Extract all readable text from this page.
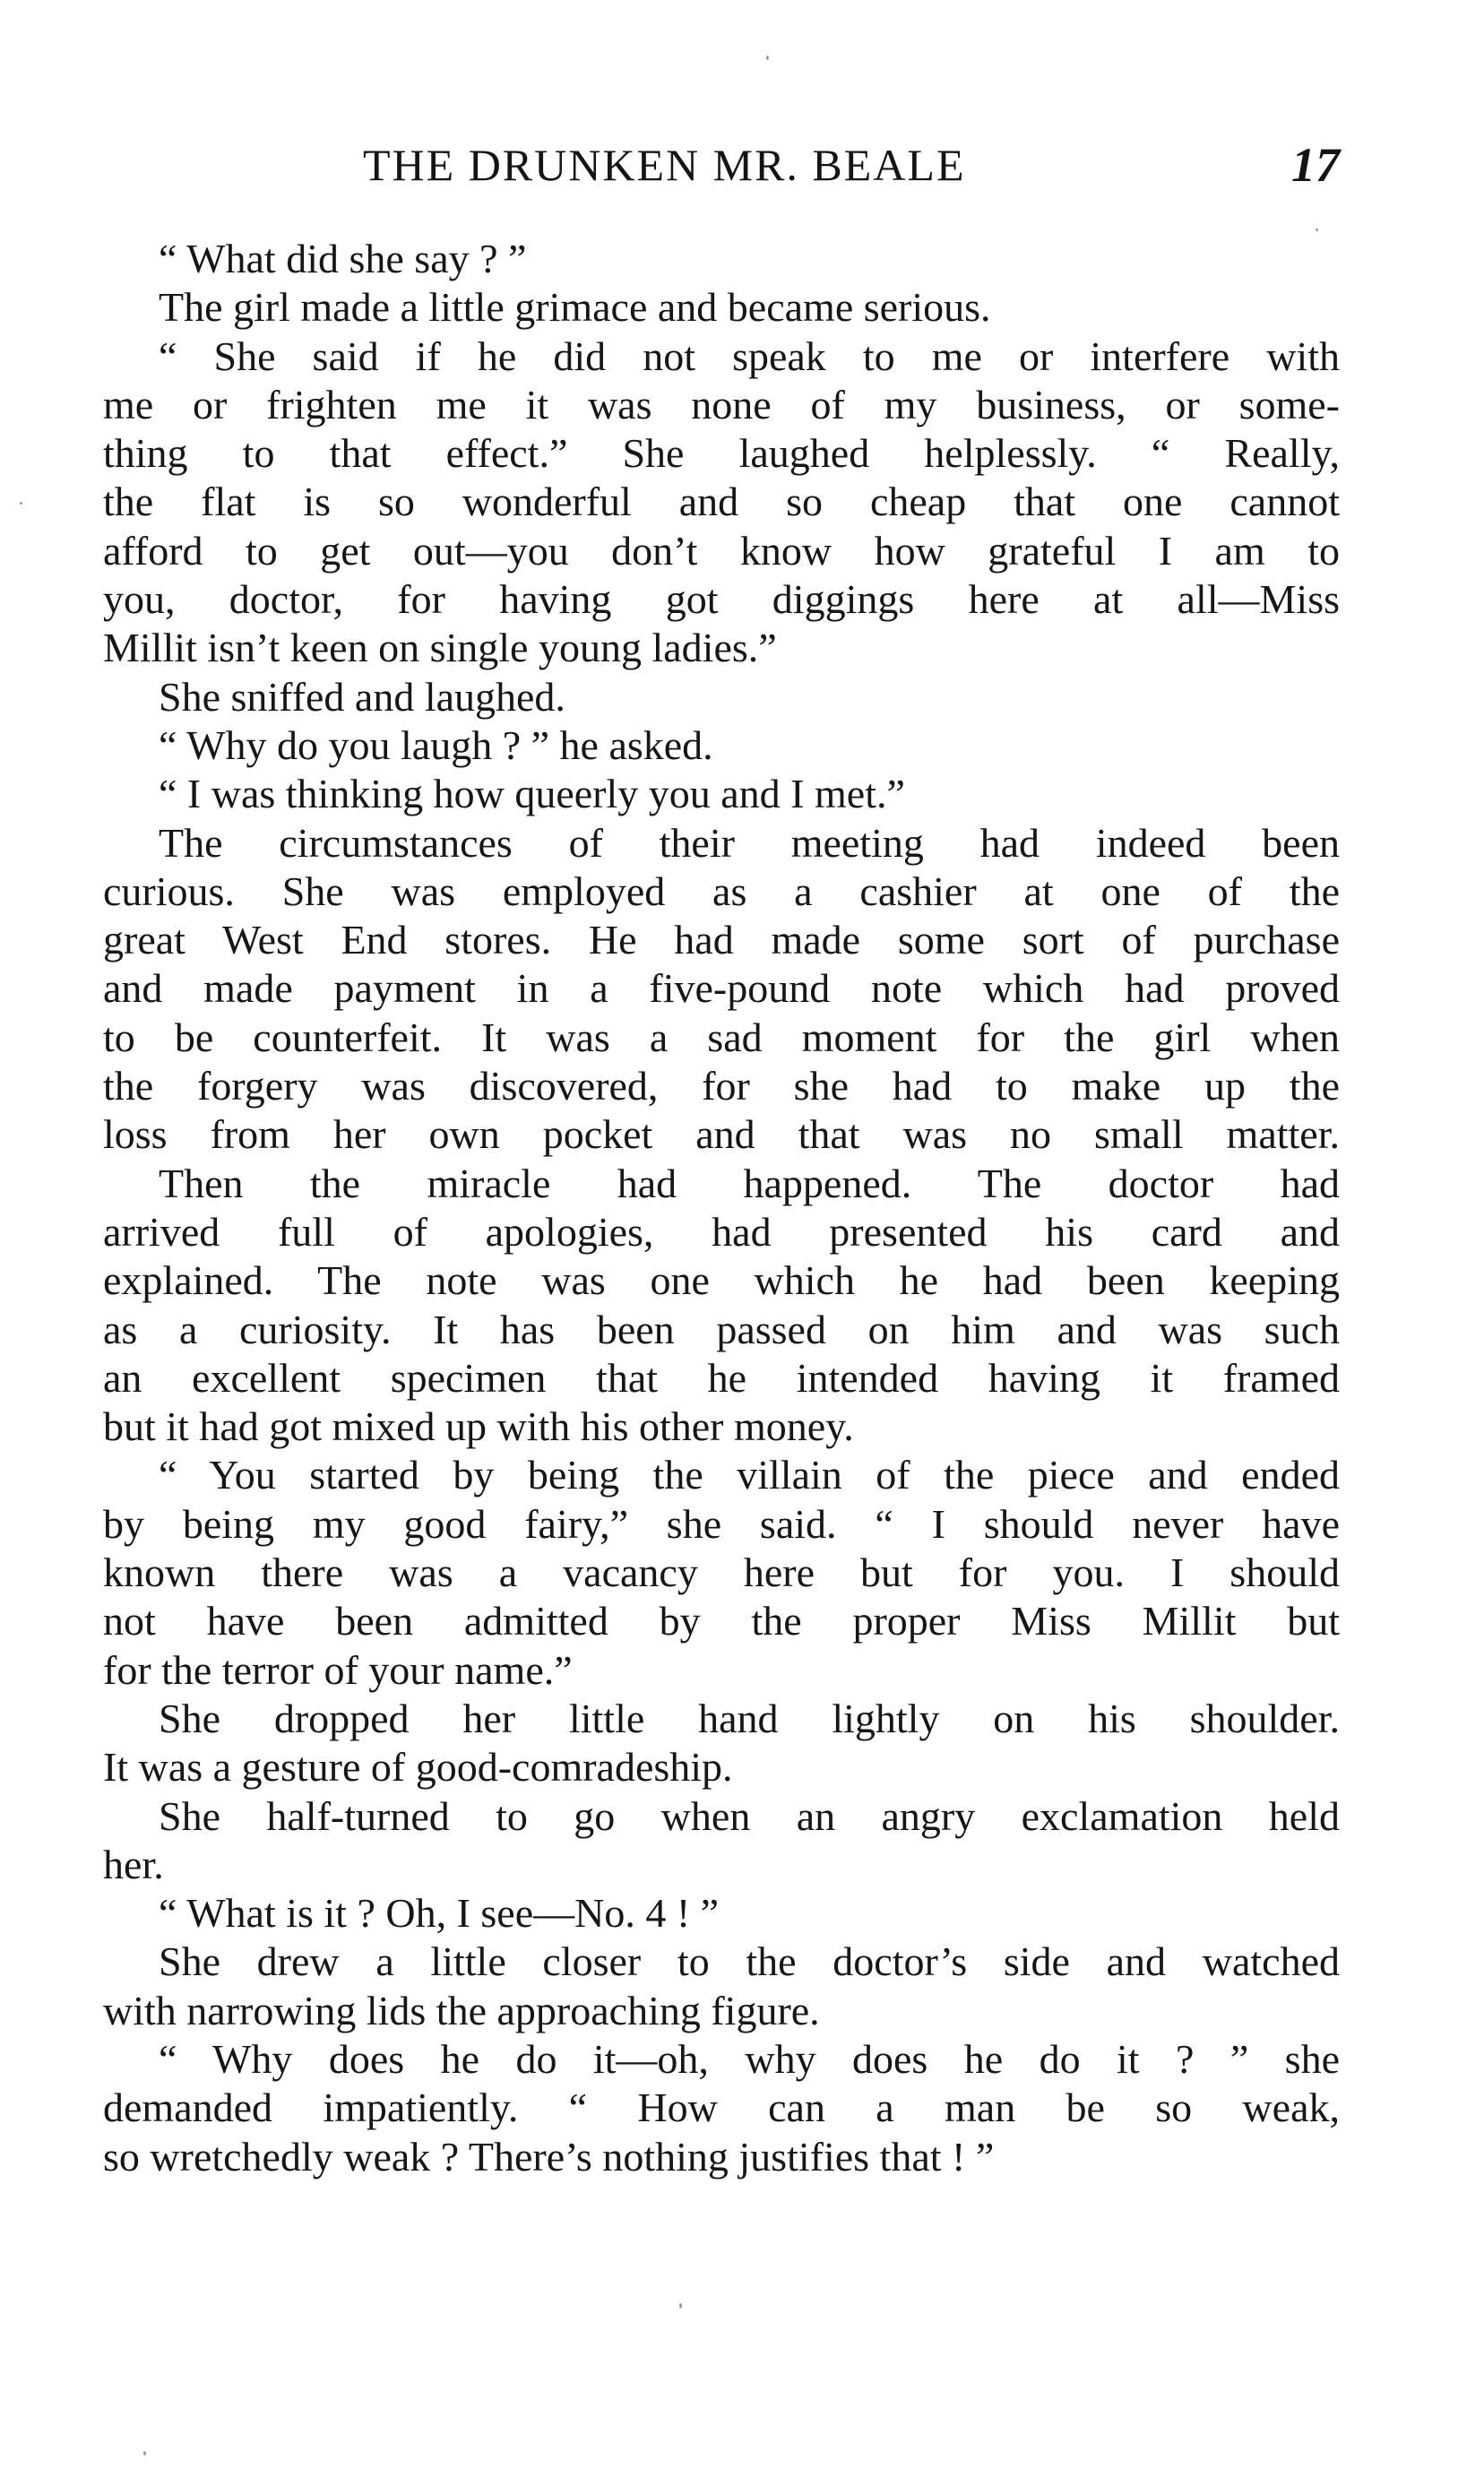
THE DRUNKEN MR. BEALE	17
“ What did she say ? ”
The girl made a little grimace and became serious.
“ She said if he did not speak to me or interfere with
me or frighten me it was none of my business, or some-
thing to that effect.” She laughed helplessly. “ Really,
the flat is so wonderful and so cheap that one cannot
afford to get out—you don’t know how grateful I am to
you, doctor, for having got diggings here at all—Miss
Millit isn’t keen on single young ladies.”
She sniffed and laughed.
“ Why do you laugh ? ” he asked.
“ I was thinking how queerly you and I met.”
The circumstances of their meeting had indeed been
curious. She was employed as a cashier at one of the
great West End stores. He had made some sort of purchase
and made payment in a five-pound note which had proved
to be counterfeit. It was a sad moment for the girl when
the forgery was discovered, for she had to make up the
loss from her own pocket and that was no small matter.
Then the miracle had happened. The doctor had
arrived full of apologies, had presented his card and
explained. The note was one which he had been keeping
as a curiosity. It has been passed on him and was such
an excellent specimen that he intended having it framed
but it had got mixed up with his other money.
“ You started by being the villain of the piece and ended
by being my good fairy,” she said. “ I should never have
known there was a vacancy here but for you. I should
not have been admitted by the proper Miss Millit but
for the terror of your name.”
She dropped her little hand lightly on his shoulder.
It was a gesture of good-comradeship.
She half-turned to go when an angry exclamation held
her.
“ What is it ? Oh, I see—No. 4 ! ”
She drew a little closer to the doctor’s side and watched
with narrowing lids the approaching figure.
“ Why does he do it—oh, why does he do it ? ” she
demanded impatiently. “ How can a man be so weak,
so wretchedly weak ? There’s nothing justifies that ! ”
